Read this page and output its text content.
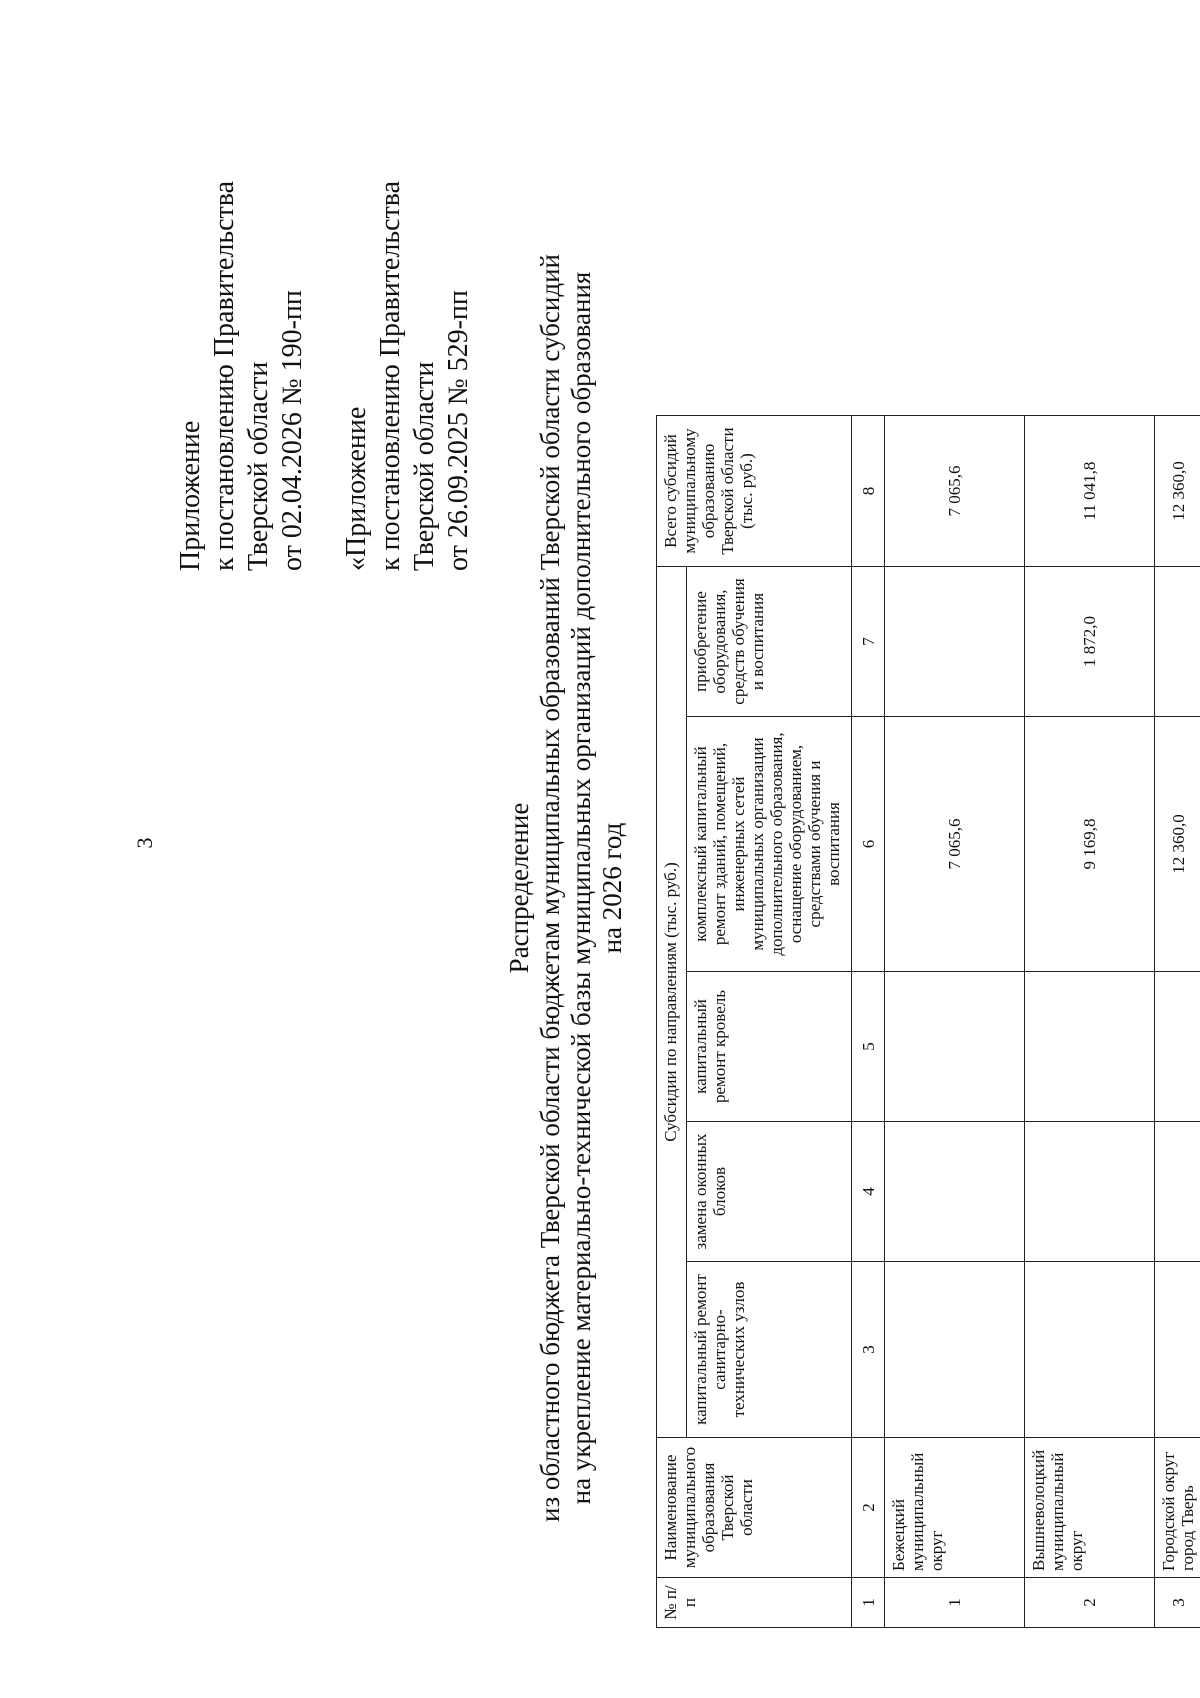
3
Приложение к постановлению Правительства Тверской области от 02.04.2026 № 190-пп «Приложение к постановлению Правительства Тверской области от 26.09.2025 № 529-пп
Распределение из областного бюджета Тверской области бюджетам муниципальных образований Тверской области субсидий на укрепление материально-технической базы муниципальных организаций дополнительного образования на 2026 год
№ п/п	Наименование муниципального образования Тверской области	Субсидии по направлениям (тыс. руб.)					Всего субсидий муниципальному образованию Тверской области (тыс. руб.)
		капитальный ремонт санитарно-технических узлов	замена оконных блоков	капитальный ремонт кровель	комплексный капитальный ремонт зданий, помещений, инженерных сетей муниципальных организации дополнительного образования, оснащение оборудованием, средствами обучения и воспитания	приобретение оборудования, средств обучения и воспитания	
1	2	3	4	5	6	7	8
1	Бежецкий муниципальный округ				7 065,6		7 065,6
2	Вышневолоцкий муниципальный округ				9 169,8	1 872,0	11 041,8
3	Городской округ город Тверь				12 360,0		12 360,0
